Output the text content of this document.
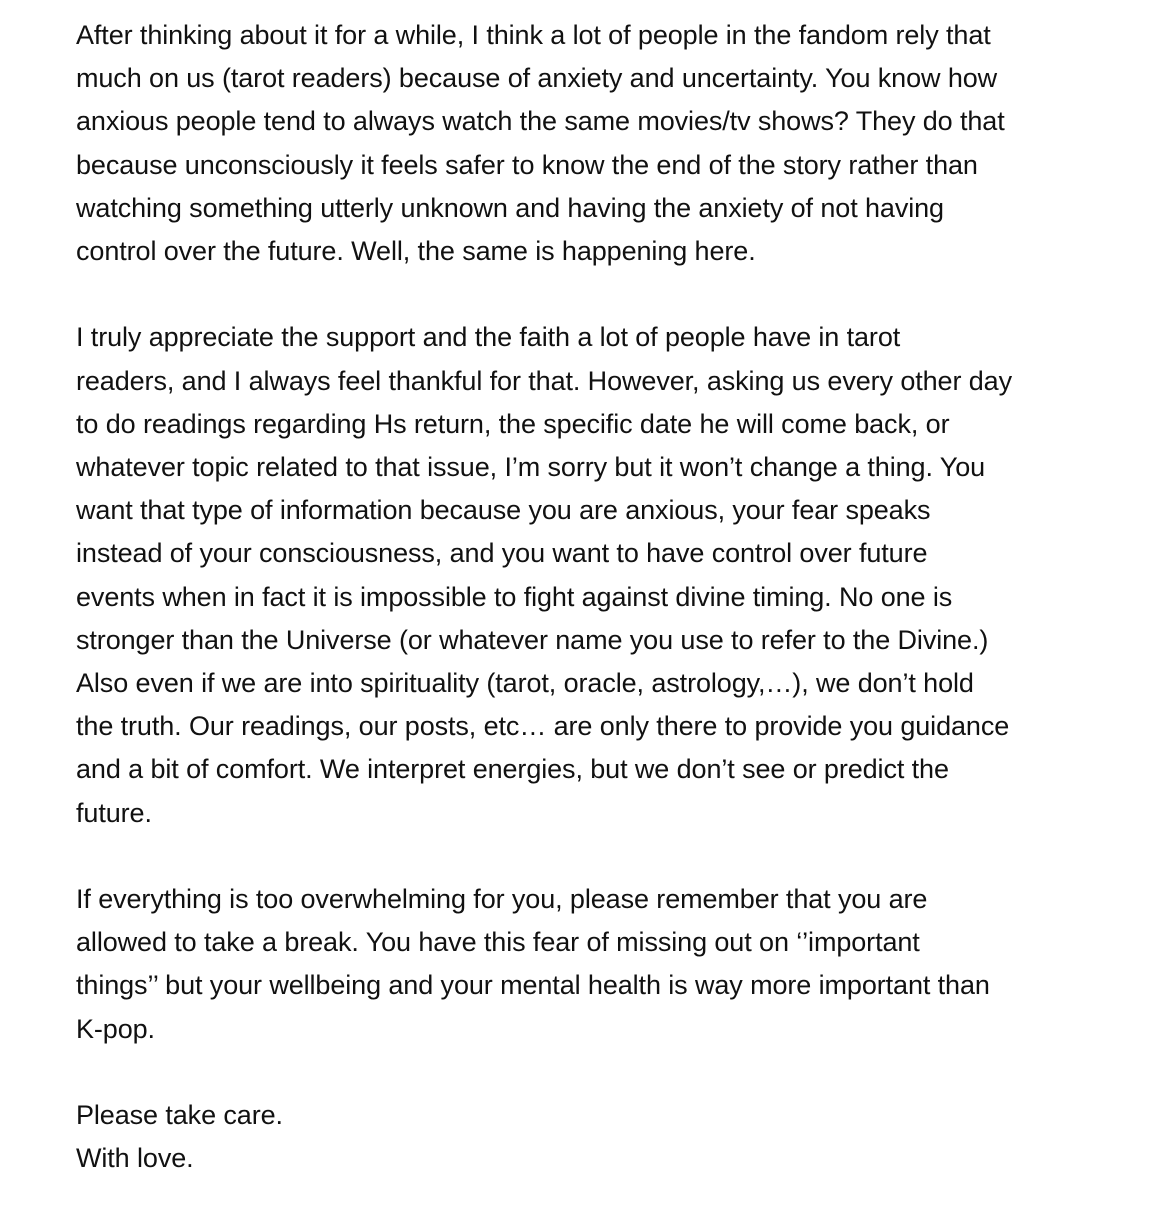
After thinking about it for a while, I think a lot of people in the fandom rely that
much on us (tarot readers) because of anxiety and uncertainty. You know how
anxious people tend to always watch the same movies/tv shows? They do that
because unconsciously it feels safer to know the end of the story rather than
watching something utterly unknown and having the anxiety of not having
control over the future. Well, the same is happening here.
I truly appreciate the support and the faith a lot of people have in tarot
readers, and I always feel thankful for that. However, asking us every other day
to do readings regarding Hs return, the specific date he will come back, or
whatever topic related to that issue, I’m sorry but it won’t change a thing. You
want that type of information because you are anxious, your fear speaks
instead of your consciousness, and you want to have control over future
events when in fact it is impossible to fight against divine timing. No one is
stronger than the Universe (or whatever name you use to refer to the Divine.)
Also even if we are into spirituality (tarot, oracle, astrology,…), we don’t hold
the truth. Our readings, our posts, etc… are only there to provide you guidance
and a bit of comfort. We interpret energies, but we don’t see or predict the
future.
If everything is too overwhelming for you, please remember that you are
allowed to take a break. You have this fear of missing out on ‘’important
things’’ but your wellbeing and your mental health is way more important than
K-pop.
Please take care.
With love.
